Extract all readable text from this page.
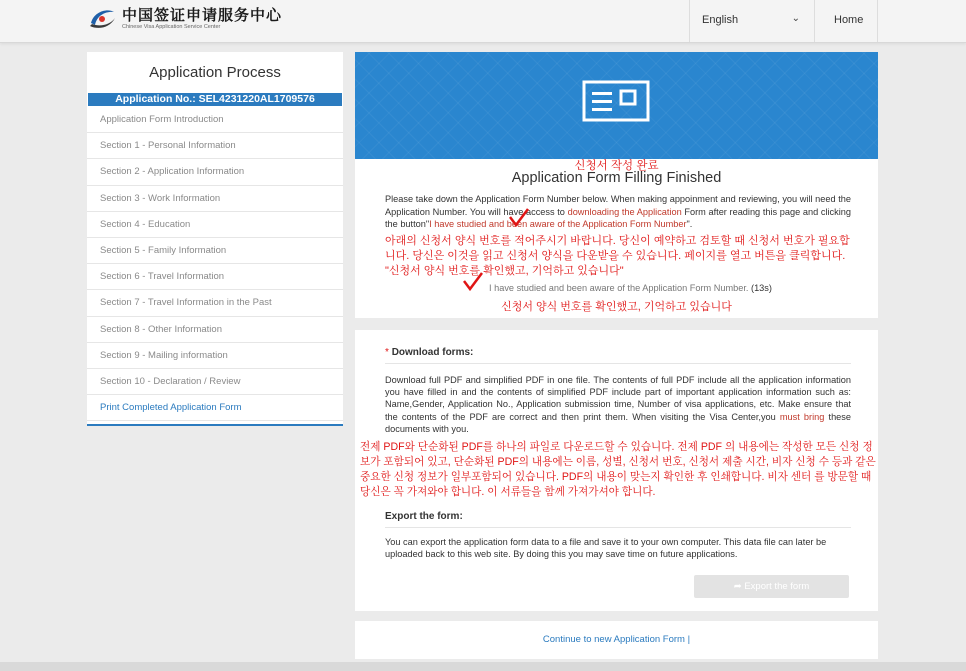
中国签证申请服务中心
Chinese Visa Application Service Center
English	⌄	Home
Application Process
Application No.: SEL4231220AL1709576
Application Form Introduction
Section 1 - Personal Information
Section 2 - Application Information
Section 3 - Work Information
Section 4 - Education
Section 5 - Family Information
Section 6 - Travel Information
Section 7 - Travel Information in the Past
Section 8 - Other Information
Section 9 - Mailing information
Section 10 - Declaration / Review
Print Completed Application Form
신청서 작성 완료
Application Form Filling Finished
Please take down the Application Form Number below. When making appoinment and reviewing, you will need the Application Number. You will have access to downloading the Application Form after reading this page and clicking the button"I have studied and been aware of the Application Form Number".
아래의 신청서 양식 번호를 적어주시기 바랍니다. 당신이 예약하고 검토할 때 신청서 번호가 필요합니다. 당신은 이것을 읽고 신청서 양식을 다운받을 수 있습니다. 페이지를 열고 버튼을 클릭합니다. "신청서 양식 번호를 확인했고, 기억하고 있습니다"
I have studied and been aware of the Application Form Number. (13s)
신청서 양식 번호를 확인했고, 기억하고 있습니다
* Download forms:
Download full PDF and simplified PDF in one file. The contents of full PDF include all the application information you have filled in and the contents of simplified PDF include part of important application information such as: Name,Gender, Application No., Application submission time, Number of visa applications, etc. Make ensure that the contents of the PDF are correct and then print them. When visiting the Visa Center,you must bring these documents with you.
Export the form:
You can export the application form data to a file and save it to your own computer. This data file can later be uploaded back to this web site. By doing this you may save time on future applications.
➦ Export the form
전제 PDF와 단순화된 PDF를 하나의 파일로 다운로드할 수 있습니다. 전제 PDF 의 내용에는 작성한 모든 신청 정보가 포함되어 있고, 단순화된 PDF의 내용에는 이름, 성별, 신청서 번호, 신청서 제출 시간, 비자 신청 수 등과 같은 중요한 신청 정보가 일부포함되어 있습니다. PDF의 내용이 맞는지 확인한 후 인쇄합니다. 비자 센터 를 방문할 때 당신은 꼭 가져와야 합니다. 이 서류들을 함께 가져가셔야 합니다.
Continue to new Application Form |
